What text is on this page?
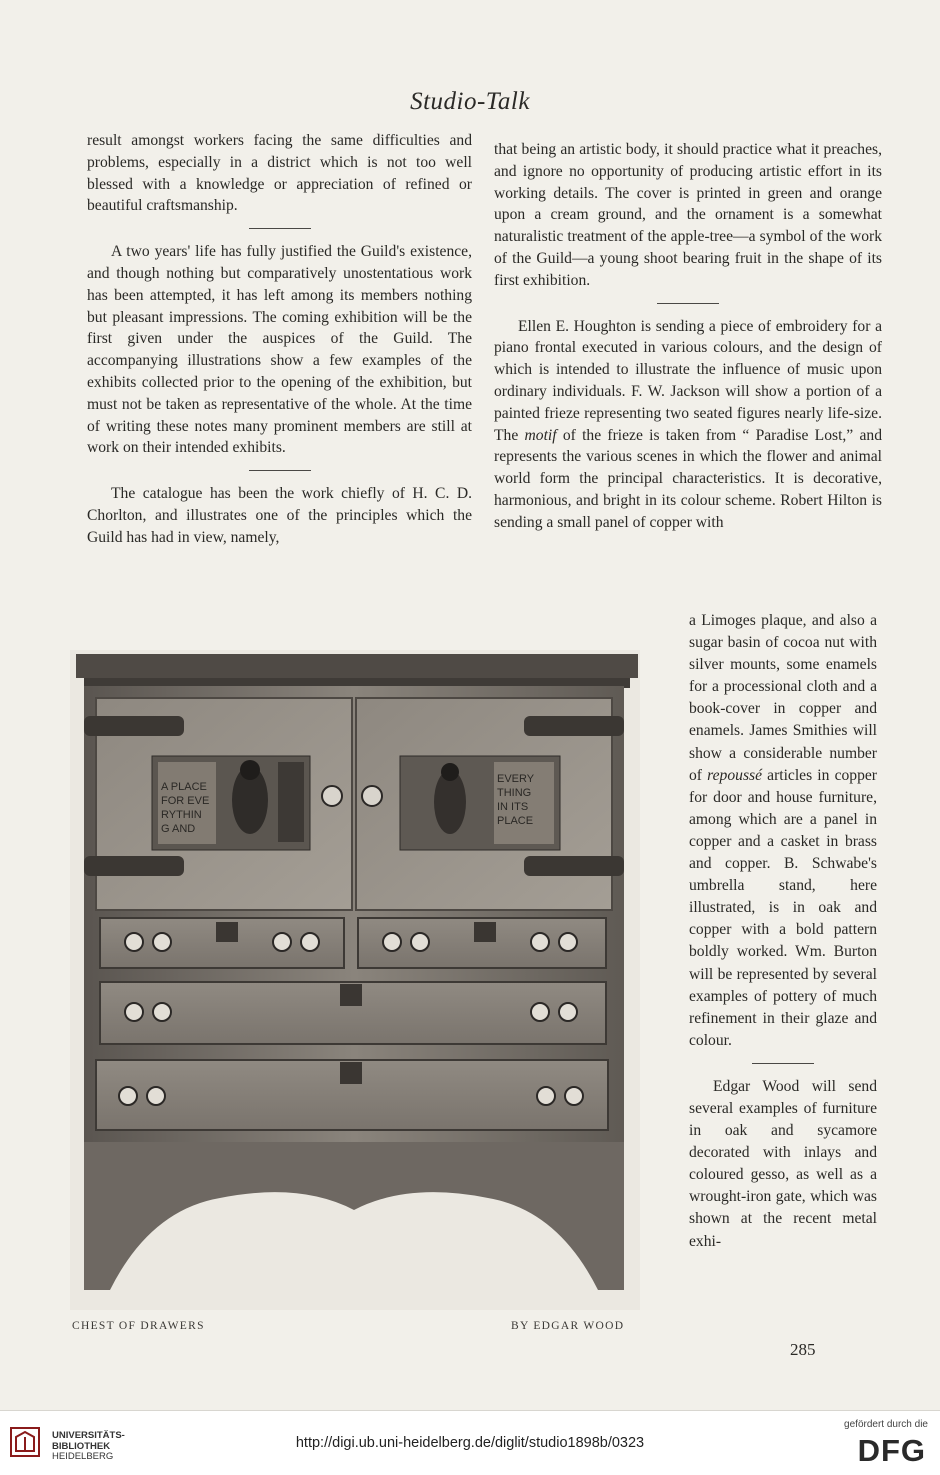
Studio-Talk

result amongst workers facing the same difficulties and problems, especially in a district which is not too well blessed with a knowledge or appreciation of refined or beautiful craftsmanship.

A two years' life has fully justified the Guild's existence, and though nothing but comparatively unostentatious work has been attempted, it has left among its members nothing but pleasant impressions. The coming exhibition will be the first given under the auspices of the Guild. The accompanying illustrations show a few examples of the exhibits collected prior to the opening of the exhibition, but must not be taken as representative of the whole. At the time of writing these notes many prominent members are still at work on their intended exhibits.

The catalogue has been the work chiefly of H. C. D. Chorlton, and illustrates one of the principles which the Guild has had in view, namely,

that being an artistic body, it should practice what it preaches, and ignore no opportunity of producing artistic effort in its working details. The cover is printed in green and orange upon a cream ground, and the ornament is a somewhat naturalistic treatment of the apple-tree—a symbol of the work of the Guild—a young shoot bearing fruit in the shape of its first exhibition.

Ellen E. Houghton is sending a piece of embroidery for a piano frontal executed in various colours, and the design of which is intended to illustrate the influence of music upon ordinary individuals. F. W. Jackson will show a portion of a painted frieze representing two seated figures nearly life-size. The motif of the frieze is taken from “ Paradise Lost,” and represents the various scenes in which the flower and animal world form the principal characteristics. It is decorative, harmonious, and bright in its colour scheme. Robert Hilton is sending a small panel of copper with

a Limoges plaque, and also a sugar basin of cocoa nut with silver mounts, some enamels for a processional cloth and a book-cover in copper and enamels. James Smithies will show a considerable number of repoussé articles in copper for door and house furniture, among which are a panel in copper and a casket in brass and copper. B. Schwabe's umbrella stand, here illustrated, is in oak and copper with a bold pattern boldly worked. Wm. Burton will be represented by several examples of pottery of much refinement in their glaze and colour.

Edgar Wood will send several examples of furniture in oak and sycamore decorated with inlays and coloured gesso, as well as a wrought-iron gate, which was shown at the recent metal exhi-

A PLACE FOR EVE RYTHIN G AND
EVERY THING IN ITS PLACE
CHEST OF DRAWERS	BY EDGAR WOOD
285
UNIVERSITÄTS-
BIBLIOTHEK
HEIDELBERG
http://digi.ub.uni-heidelberg.de/diglit/studio1898b/0323
gefördert durch die
DFG
